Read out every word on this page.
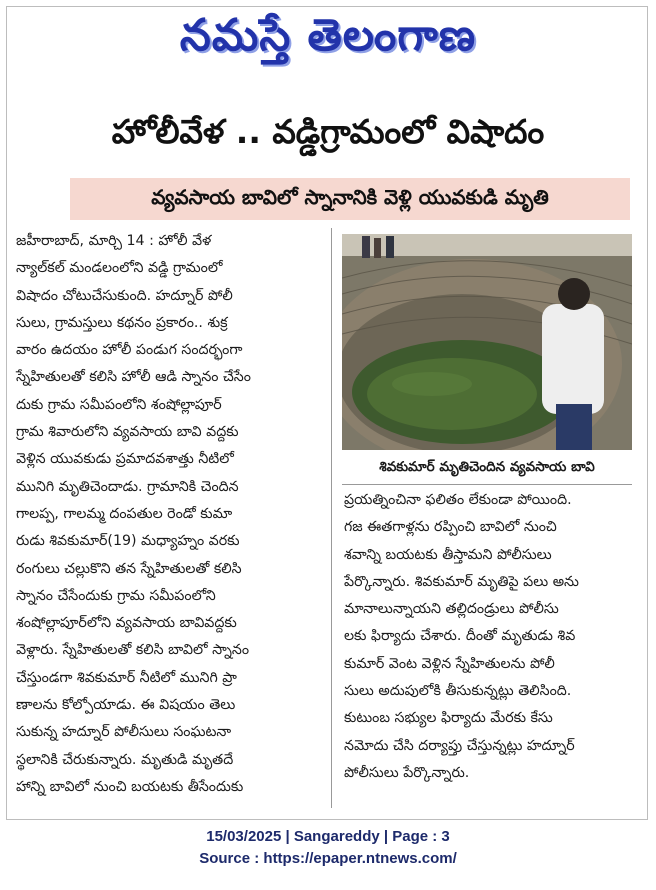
నమస్తే తెలంగాణ
హోలీవేళ .. వడ్డిగ్రామంలో విషాదం
వ్యవసాయ బావిలో స్నానానికి వెళ్లి యువకుడి మృతి
జహీరాబాద్, మార్చి 14 : హోలీ వేళ
న్యాల్‌కల్ మండలంలోని వడ్డి గ్రామంలో
విషాదం చోటుచేసుకుంది. హద్నూర్ పోలీ
సులు, గ్రామస్తులు కథనం ప్రకారం.. శుక్ర
వారం ఉదయం హోలీ పండుగ సందర్భంగా
స్నేహితులతో కలిసి హోలీ ఆడి స్నానం చేసేం
దుకు గ్రామ సమీపంలోని శంషోల్లాపూర్
గ్రామ శివారులోని వ్యవసాయ బావి వద్దకు
వెళ్లిన యువకుడు ప్రమాదవశాత్తు నీటిలో
మునిగి మృతిచెందాడు. గ్రామానికి చెందిన
గాలప్ప, గాలమ్మ దంపతుల రెండో కుమా
రుడు శివకుమార్(19) మధ్యాహ్నం వరకు
రంగులు చల్లుకొని తన స్నేహితులతో కలిసి
స్నానం చేసేందుకు గ్రామ సమీపంలోని
శంషోల్లాపూర్‌లోని వ్యవసాయ బావివద్దకు
వెళ్లారు. స్నేహితులతో కలిసి బావిలో స్నానం
చేస్తుండగా శివకుమార్ నీటిలో మునిగి ప్రా
ణాలను కోల్పోయాడు. ఈ విషయం తెలు
సుకున్న హద్నూర్ పోలీసులు సంఘటనా
స్థలానికి చేరుకున్నారు. మృతుడి మృతదే
హాన్ని బావిలో నుంచి బయటకు తీసేందుకు
శివకుమార్ మృతిచెందిన వ్యవసాయ బావి
ప్రయత్నించినా ఫలితం లేకుండా పోయింది.
గజ ఈతగాళ్లను రప్పించి బావిలో నుంచి
శవాన్ని బయటకు తీస్తామని పోలీసులు
పేర్కొన్నారు. శివకుమార్ మృతిపై పలు అను
మానాలున్నాయని తల్లిదండ్రులు పోలీసు
లకు ఫిర్యాదు చేశారు. దీంతో మృతుడు శివ
కుమార్ వెంట వెళ్లిన స్నేహితులను పోలీ
సులు అదుపులోకి తీసుకున్నట్లు తెలిసింది.
కుటుంబ సభ్యుల ఫిర్యాదు మేరకు కేసు
నమోదు చేసి దర్యాప్తు చేస్తున్నట్లు హద్నూర్
పోలీసులు పేర్కొన్నారు.
15/03/2025 | Sangareddy | Page : 3
Source : https://epaper.ntnews.com/
